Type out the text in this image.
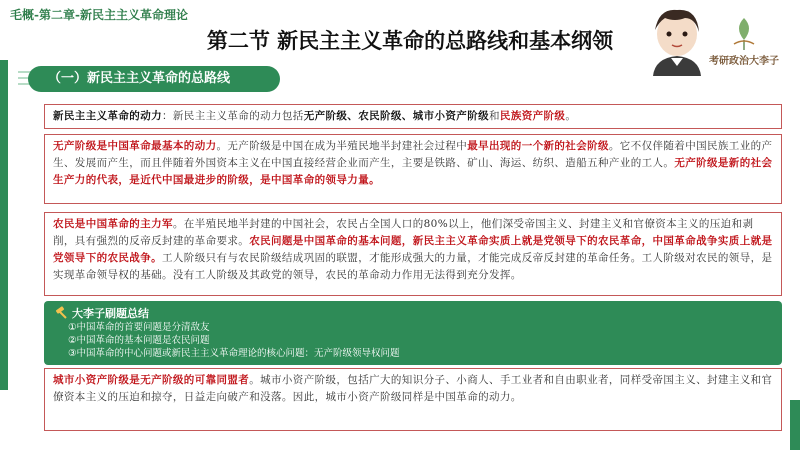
毛概-第二章-新民主主义革命理论
第二节 新民主主义革命的总路线和基本纲领
（一）新民主主义革命的总路线
考研政治大李子
新民主主义革命的动力：新民主主义革命的动力包括无产阶级、农民阶级、城市小资产阶级和民族资产阶级。
无产阶级是中国革命最基本的动力。无产阶级是中国在成为半殖民地半封建社会过程中最早出现的一个新的社会阶级。它不仅伴随着中国民族工业的产生、发展而产生，而且伴随着外国资本主义在中国直接经营企业而产生，主要是铁路、矿山、海运、纺织、造船五种产业的工人。无产阶级是新的社会生产力的代表，是近代中国最进步的阶级，是中国革命的领导力量。
农民是中国革命的主力军。在半殖民地半封建的中国社会，农民占全国人口的80%以上，他们深受帝国主义、封建主义和官僚资本主义的压迫和剥削，具有强烈的反帝反封建的革命要求。农民问题是中国革命的基本问题，新民主主义革命实质上就是党领导下的农民革命，中国革命战争实质上就是党领导下的农民战争。工人阶级只有与农民阶级结成巩固的联盟，才能形成强大的力量，才能完成反帝反封建的革命任务。工人阶级对农民的领导，是实现革命领导权的基础。没有工人阶级及其政党的领导，农民的革命动力作用无法得到充分发挥。
大李子刷题总结
①中国革命的首要问题是分清敌友
②中国革命的基本问题是农民问题
③中国革命的中心问题或新民主主义革命理论的核心问题：无产阶级领导权问题
城市小资产阶级是无产阶级的可靠同盟者。城市小资产阶级，包括广大的知识分子、小商人、手工业者和自由职业者，同样受帝国主义、封建主义和官僚资本主义的压迫和掠夺，日益走向破产和没落。因此，城市小资产阶级同样是中国革命的动力。
